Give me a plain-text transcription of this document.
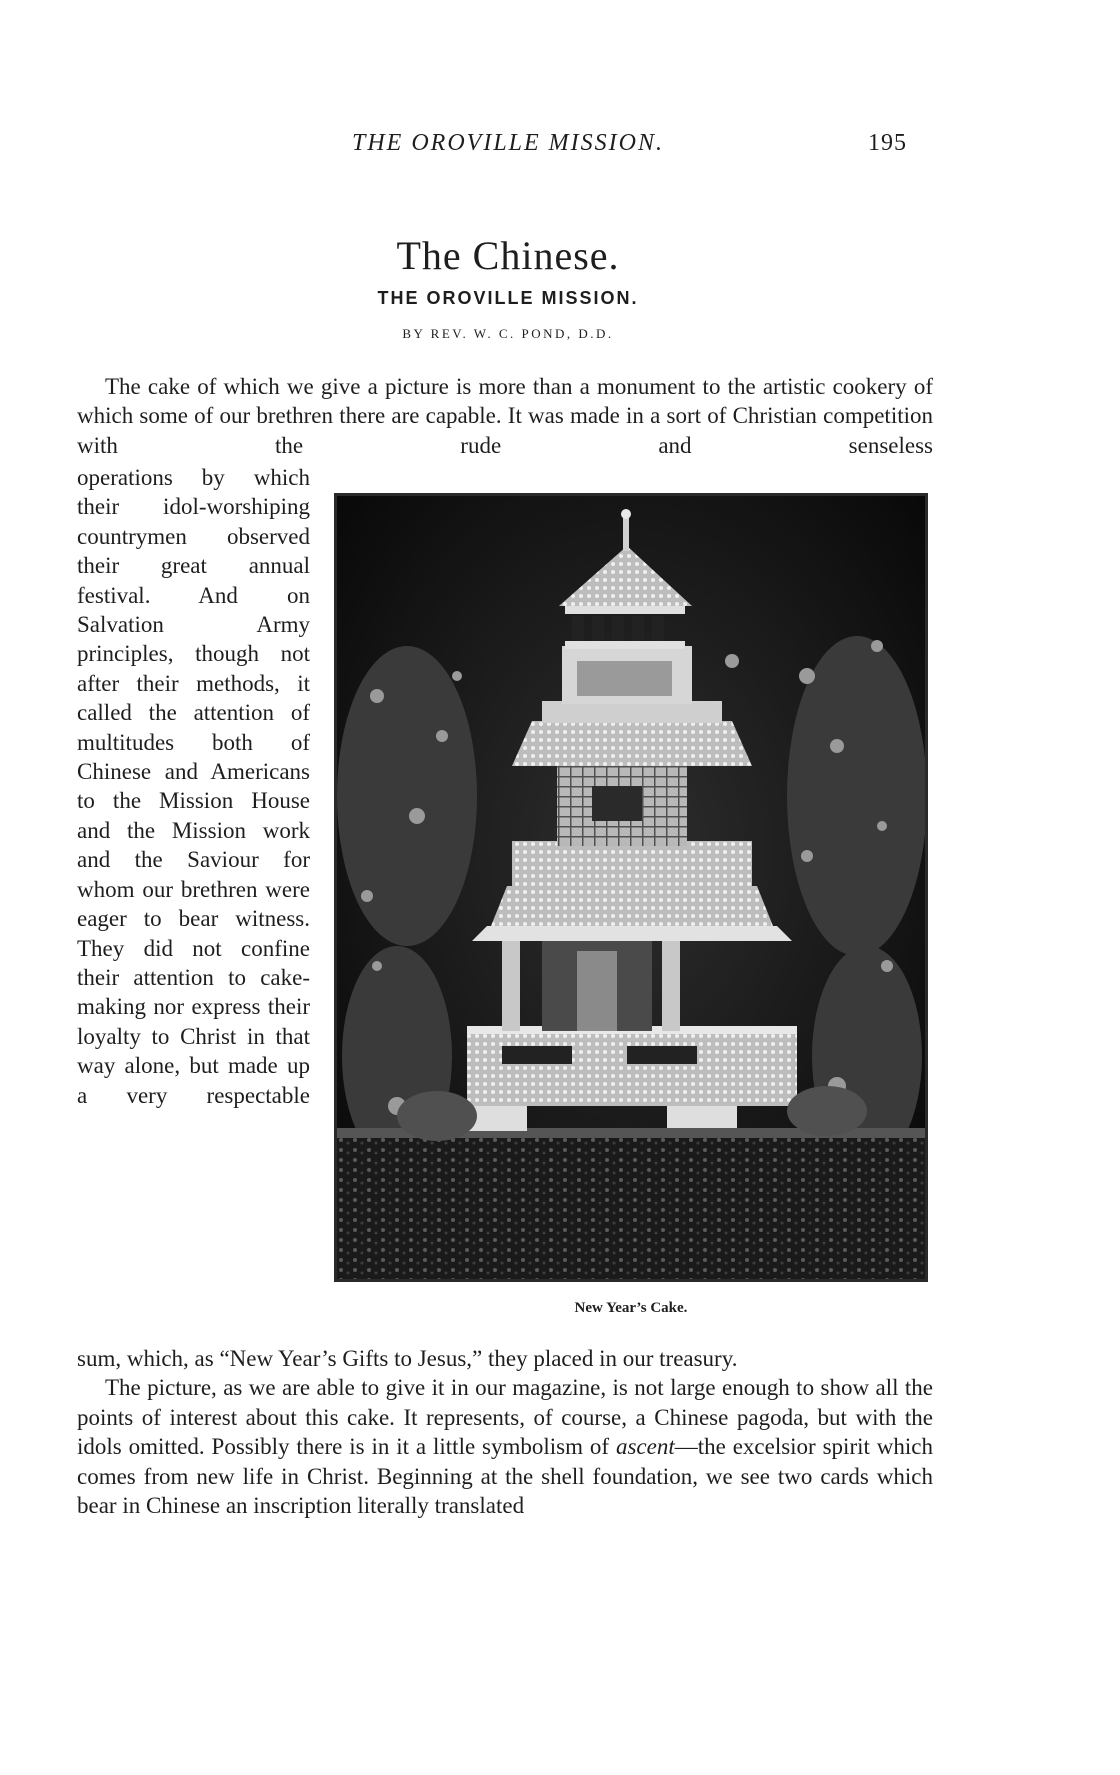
THE OROVILLE MISSION.	195
The Chinese.
THE OROVILLE MISSION.
BY REV. W. C. POND, D.D.

The cake of which we give a picture is more than a monument to the artistic cookery of which some of our brethren there are capable. It was made in a sort of Christian competition with the rude and senseless

operations by which their idol-worshiping countrymen observed their great annual festival. And on Salvation Army principles, though not after their methods, it called the attention of multitudes both of Chinese and Americans to the Mission House and the Mission work and the Saviour for whom our brethren were eager to bear witness. They did not confine their attention to cake-making nor express their loyalty to Christ in that way alone, but made up a very respectable

New Year’s Cake.

sum, which, as “New Year’s Gifts to Jesus,” they placed in our treasury.

The picture, as we are able to give it in our magazine, is not large enough to show all the points of interest about this cake. It represents, of course, a Chinese pagoda, but with the idols omitted. Possibly there is in it a little symbolism of ascent—the excelsior spirit which comes from new life in Christ. Beginning at the shell foundation, we see two cards which bear in Chinese an inscription literally translated
